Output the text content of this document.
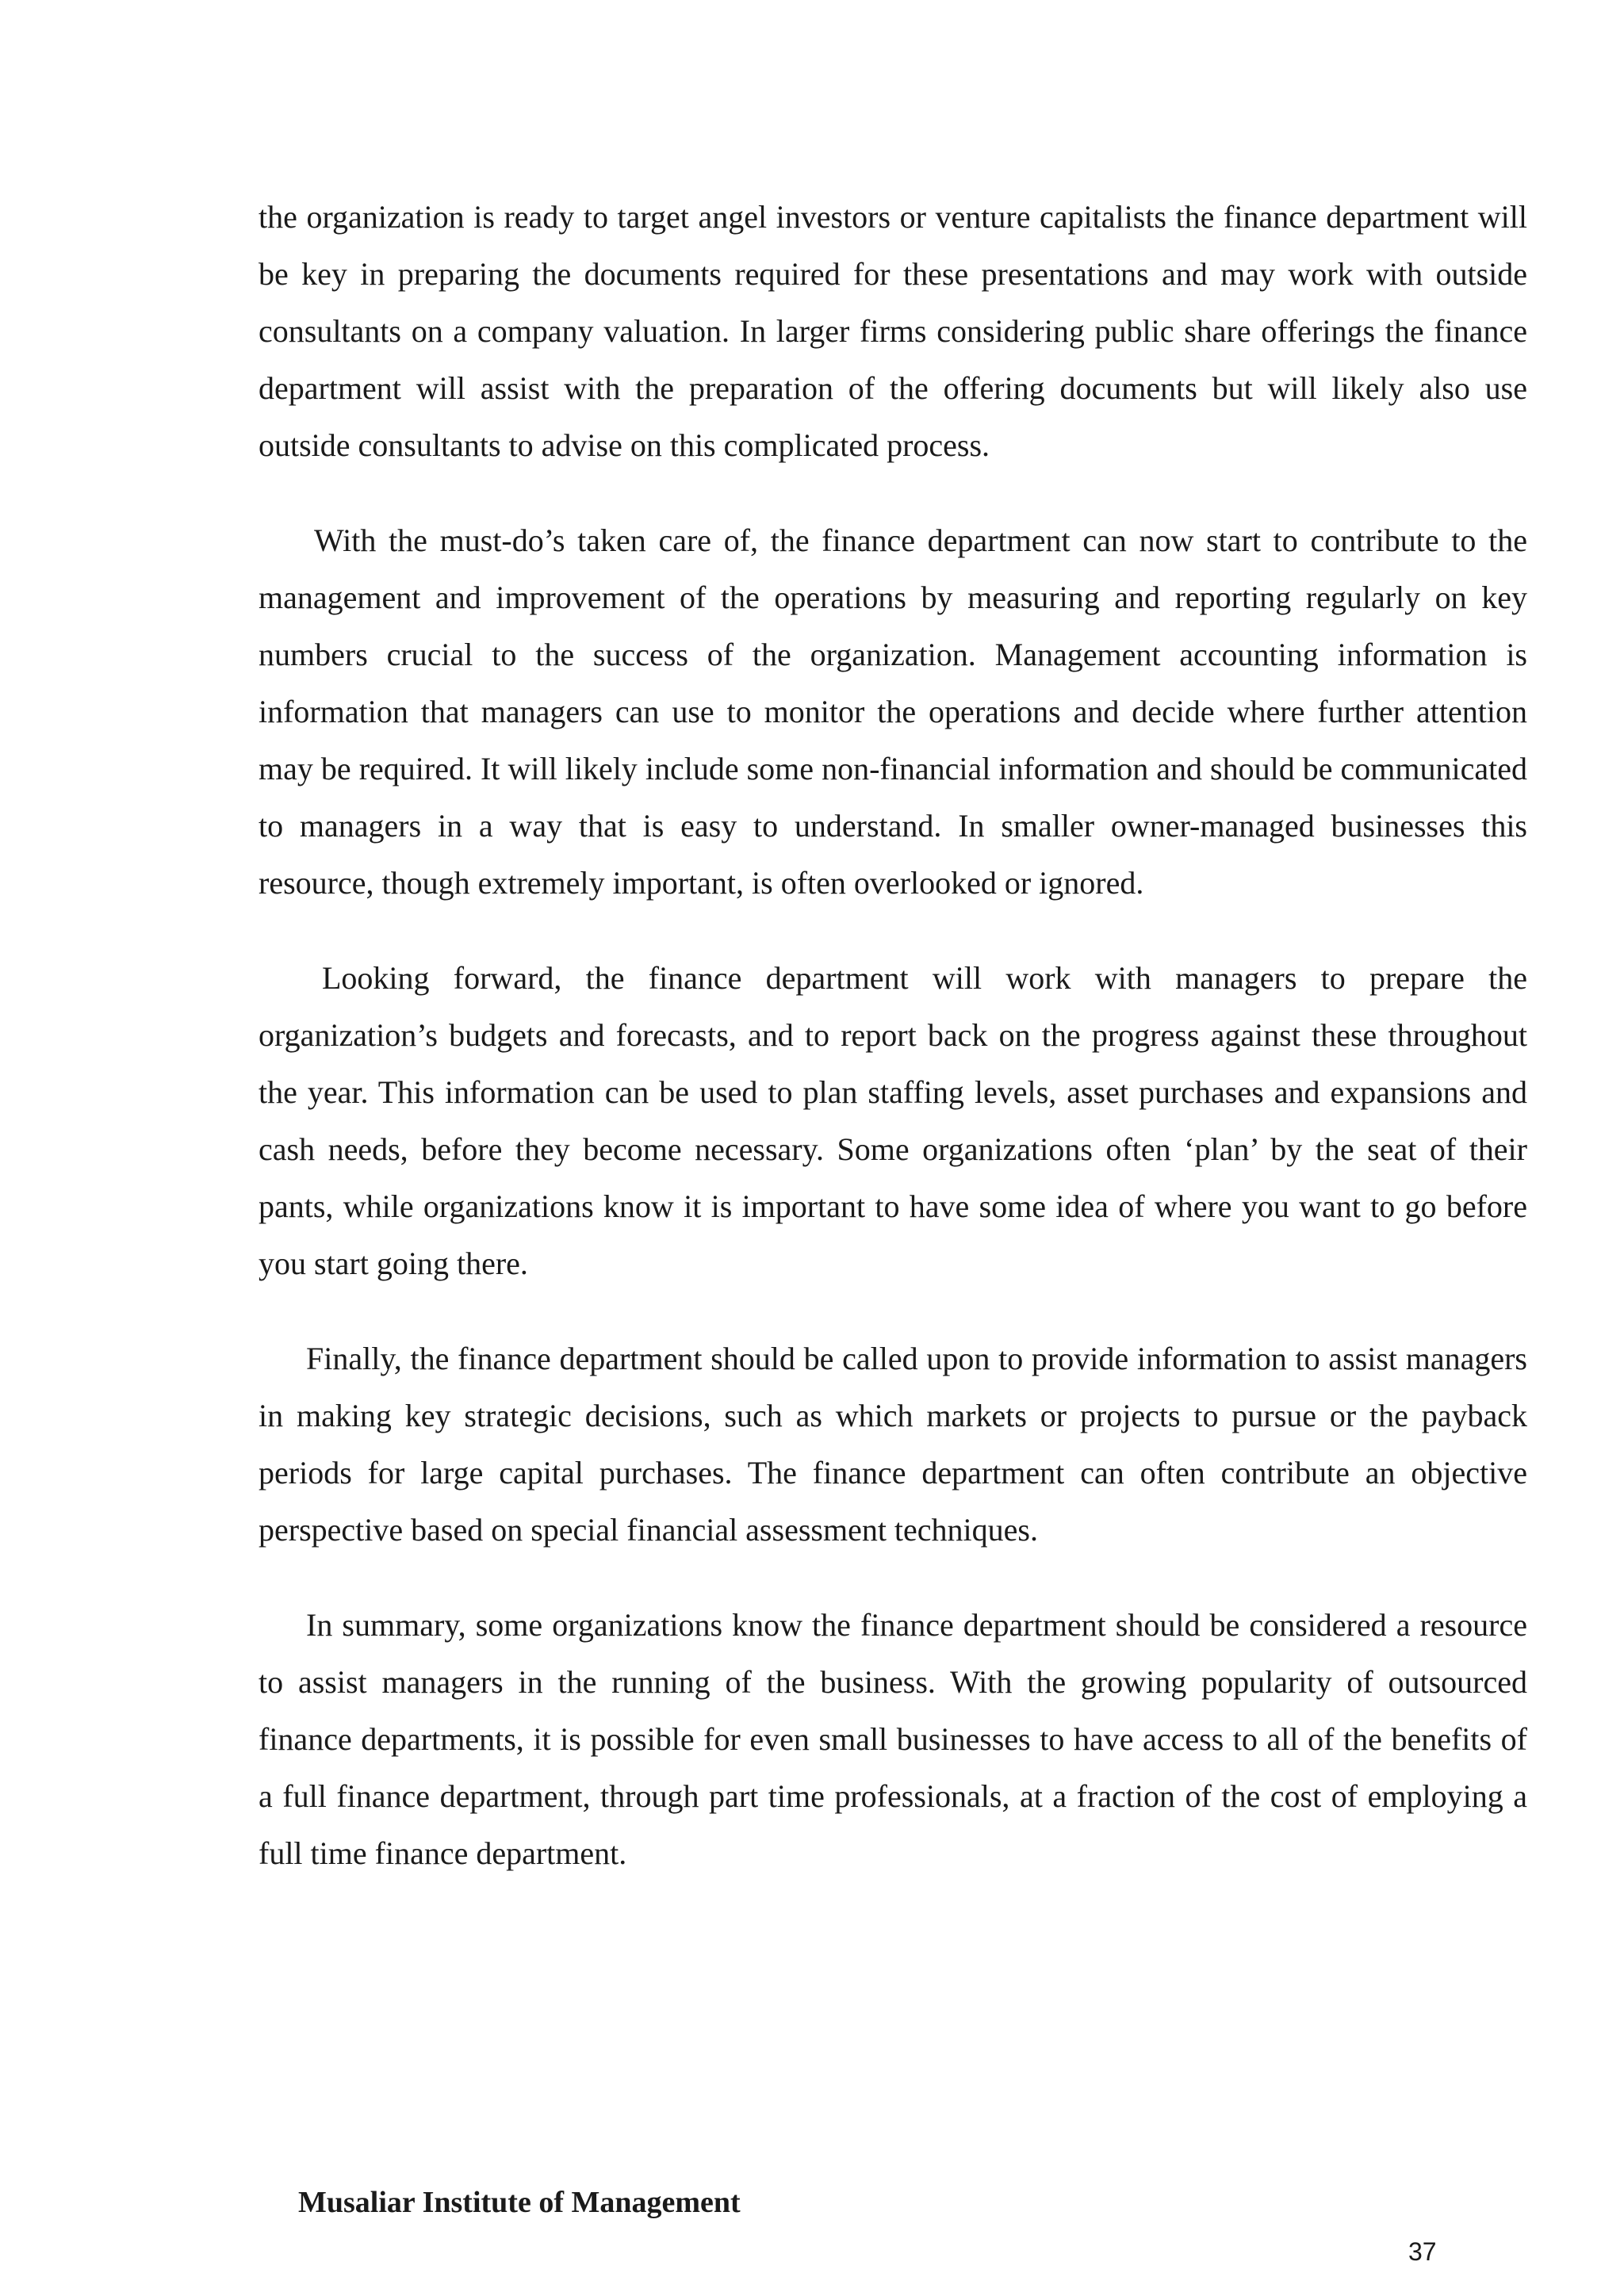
the organization is ready to target angel investors or venture capitalists the finance department will be key in preparing the documents required for these presentations and may work with outside consultants on a company valuation. In larger firms considering public share offerings the finance department will assist with the preparation of the offering documents but will likely also use outside consultants to advise on this complicated process.

With the must-do’s taken care of, the finance department can now start to contribute to the management and improvement of the operations by measuring and reporting regularly on key numbers crucial to the success of the organization. Management accounting information is information that managers can use to monitor the operations and decide where further attention may be required. It will likely include some non-financial information and should be communicated to managers in a way that is easy to understand. In smaller owner-managed businesses this resource, though extremely important, is often overlooked or ignored.

Looking forward, the finance department will work with managers to prepare the organization’s budgets and forecasts, and to report back on the progress against these throughout the year. This information can be used to plan staffing levels, asset purchases and expansions and cash needs, before they become necessary. Some organizations often ‘plan’ by the seat of their pants, while organizations know it is important to have some idea of where you want to go before you start going there.

Finally, the finance department should be called upon to provide information to assist managers in making key strategic decisions, such as which markets or projects to pursue or the payback periods for large capital purchases. The finance department can often contribute an objective perspective based on special financial assessment techniques.

In summary, some organizations know the finance department should be considered a resource to assist managers in the running of the business. With the growing popularity of outsourced finance departments, it is possible for even small businesses to have access to all of the benefits of a full finance department, through part time professionals, at a fraction of the cost of employing a full time finance department.

Musaliar Institute of Management
37
